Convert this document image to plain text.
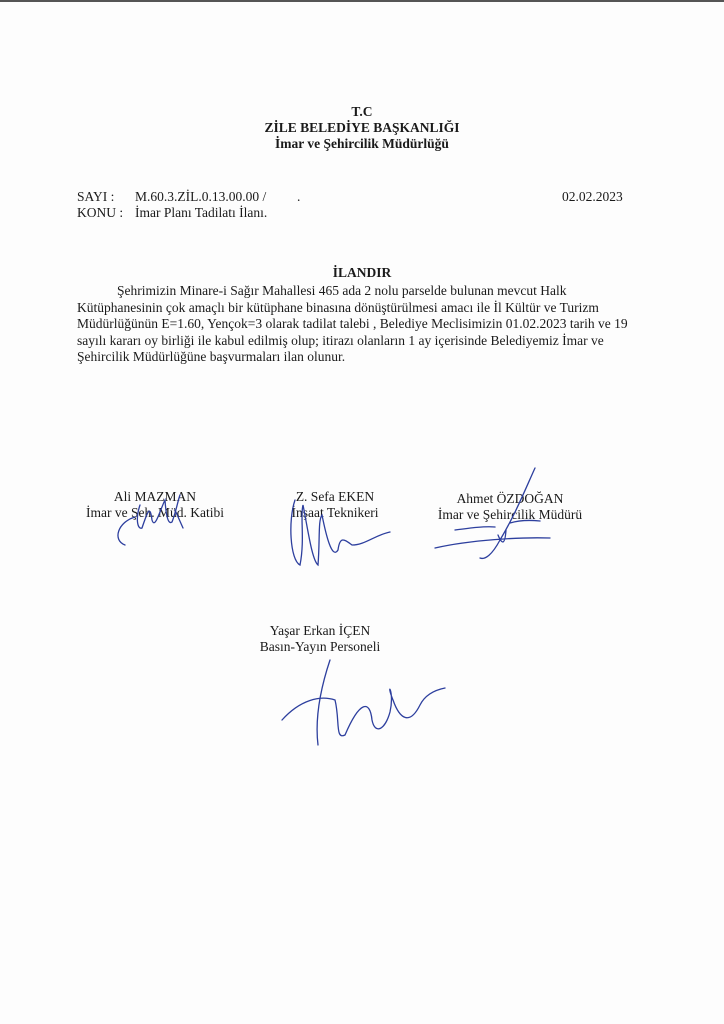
T.C
ZİLE BELEDİYE BAŞKANLIĞI
İmar ve Şehircilik Müdürlüğü
SAYI : M.60.3.ZİL.0.13.00.00 / .
KONU : İmar Planı Tadilatı İlanı.
02.02.2023
İLANDIR

Şehrimizin Minare-i Sağır Mahallesi 465 ada 2 nolu parselde bulunan mevcut Halk Kütüphanesinin çok amaçlı bir kütüphane binasına dönüştürülmesi amacı ile İl Kültür ve Turizm Müdürlüğünün E=1.60, Yençok=3 olarak tadilat talebi , Belediye Meclisimizin 01.02.2023 tarih ve 19 sayılı kararı oy birliği ile kabul edilmiş olup; itirazı olanların 1 ay içerisinde Belediyemiz İmar ve Şehircilik Müdürlüğüne başvurmaları ilan olunur.

Ali MAZMAN
İmar ve Şeh. Müd. Katibi
Z. Sefa EKEN
İnşaat Teknikeri
Ahmet ÖZDOĞAN
İmar ve Şehircilik Müdürü
Yaşar Erkan İÇEN
Basın-Yayın Personeli
